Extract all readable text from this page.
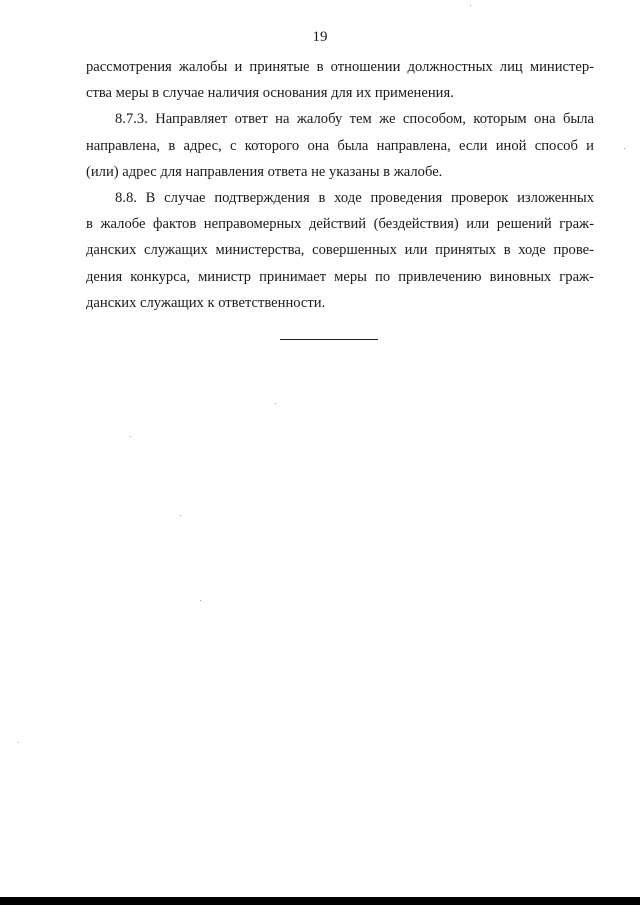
19

рассмотрения жалобы и принятые в отношении должностных лиц министер-
ства меры в случае наличия основания для их применения.

8.7.3. Направляет ответ на жалобу тем же способом, которым она была
направлена, в адрес, с которого она была направлена, если иной способ и
(или) адрес для направления ответа не указаны в жалобе.

8.8. В случае подтверждения в ходе проведения проверок изложенных
в жалобе фактов неправомерных действий (бездействия) или решений граж-
данских служащих министерства, совершенных или принятых в ходе прове-
дения конкурса, министр принимает меры по привлечению виновных граж-
данских служащих к ответственности.
